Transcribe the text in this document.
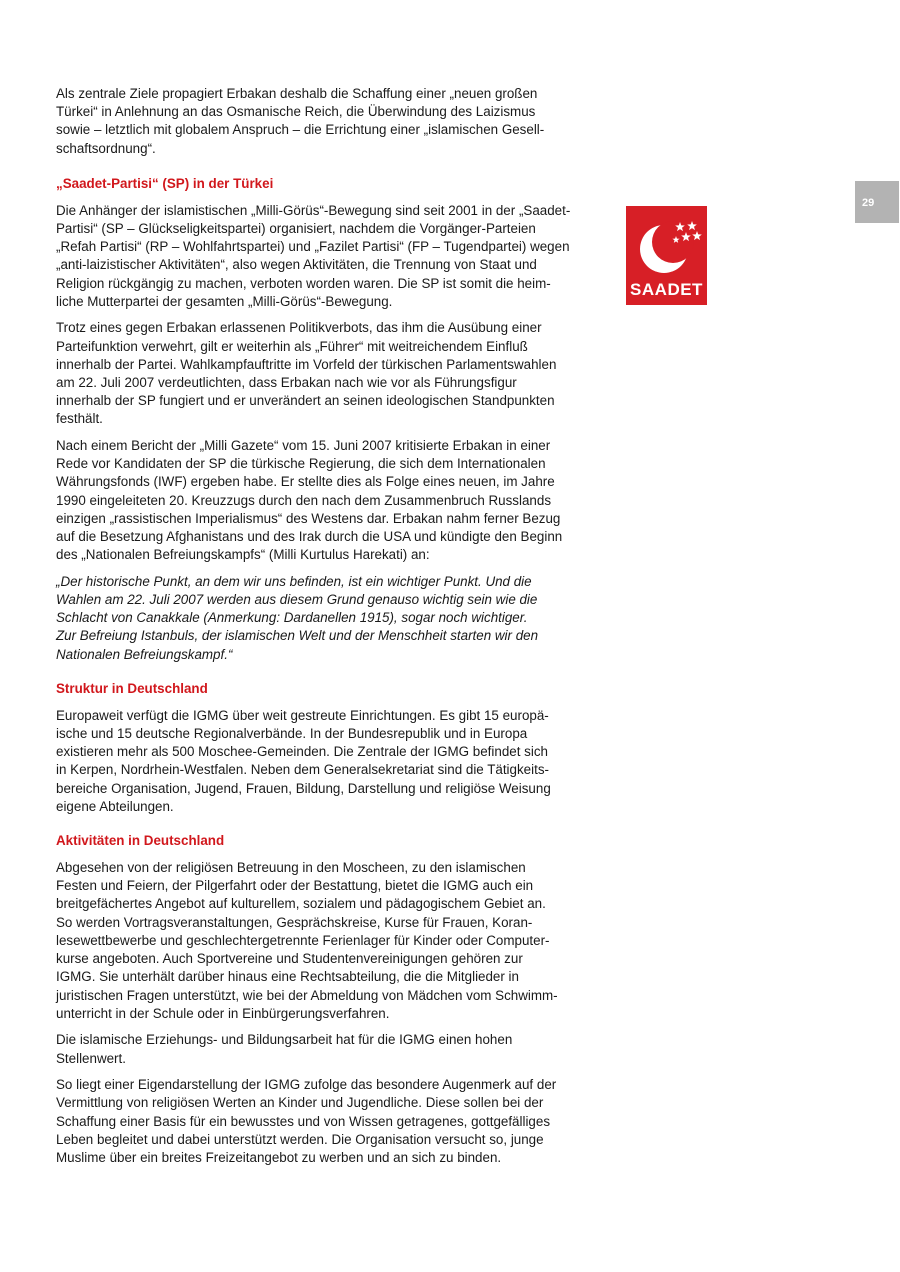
29
SAADET
Als zentrale Ziele propagiert Erbakan deshalb die Schaffung einer „neuen großen
Türkei“ in Anlehnung an das Osmanische Reich, die Überwindung des Laizismus
sowie – letztlich mit globalem Anspruch – die Errichtung einer „islamischen Gesell-
schaftsordnung“.
„Saadet-Partisi“ (SP) in der Türkei
Die Anhänger der islamistischen „Milli-Görüs“-Bewegung sind seit 2001 in der „Saadet-
Partisi“ (SP – Glückseligkeitspartei) organisiert, nachdem die Vorgänger-Parteien
„Refah Partisi“ (RP – Wohlfahrtspartei) und „Fazilet Partisi“ (FP – Tugendpartei) wegen
„anti-laizistischer Aktivitäten“, also wegen Aktivitäten, die Trennung von Staat und
Religion rückgängig zu machen, verboten worden waren. Die SP ist somit die heim-
liche Mutterpartei der gesamten „Milli-Görüs“-Bewegung.
Trotz eines gegen Erbakan erlassenen Politikverbots, das ihm die Ausübung einer
Parteifunktion verwehrt, gilt er weiterhin als „Führer“ mit weitreichendem Einfluß
innerhalb der Partei. Wahlkampfauftritte im Vorfeld der türkischen Parlamentswahlen
am 22. Juli 2007 verdeutlichten, dass Erbakan nach wie vor als Führungsfigur
innerhalb der SP fungiert und er unverändert an seinen ideologischen Standpunkten
festhält.
Nach einem Bericht der „Milli Gazete“ vom 15. Juni 2007 kritisierte Erbakan in einer
Rede vor Kandidaten der SP die türkische Regierung, die sich dem Internationalen
Währungsfonds (IWF) ergeben habe. Er stellte dies als Folge eines neuen, im Jahre
1990 eingeleiteten 20. Kreuzzugs durch den nach dem Zusammenbruch Russlands
einzigen „rassistischen Imperialismus“ des Westens dar. Erbakan nahm ferner Bezug
auf die Besetzung Afghanistans und des Irak durch die USA und kündigte den Beginn
des „Nationalen Befreiungskampfs“ (Milli Kurtulus Harekati) an:
„Der historische Punkt, an dem wir uns befinden, ist ein wichtiger Punkt. Und die
Wahlen am 22. Juli 2007 werden aus diesem Grund genauso wichtig sein wie die
Schlacht von Canakkale (Anmerkung: Dardanellen 1915), sogar noch wichtiger.
Zur Befreiung Istanbuls, der islamischen Welt und der Menschheit starten wir den
Nationalen Befreiungskampf.“
Struktur in Deutschland
Europaweit verfügt die IGMG über weit gestreute Einrichtungen. Es gibt 15 europä-
ische und 15 deutsche Regionalverbände. In der Bundesrepublik und in Europa
existieren mehr als 500 Moschee-Gemeinden. Die Zentrale der IGMG befindet sich
in Kerpen, Nordrhein-Westfalen. Neben dem Generalsekretariat sind die Tätigkeits-
bereiche Organisation, Jugend, Frauen, Bildung, Darstellung und religiöse Weisung
eigene Abteilungen.
Aktivitäten in Deutschland
Abgesehen von der religiösen Betreuung in den Moscheen, zu den islamischen
Festen und Feiern, der Pilgerfahrt oder der Bestattung, bietet die IGMG auch ein
breitgefächertes Angebot auf kulturellem, sozialem und pädagogischem Gebiet an.
So werden Vortragsveranstaltungen, Gesprächskreise, Kurse für Frauen, Koran-
lesewettbewerbe und geschlechtergetrennte Ferienlager für Kinder oder Computer-
kurse angeboten. Auch Sportvereine und Studentenvereinigungen gehören zur
IGMG. Sie unterhält darüber hinaus eine Rechtsabteilung, die die Mitglieder in
juristischen Fragen unterstützt, wie bei der Abmeldung von Mädchen vom Schwimm-
unterricht in der Schule oder in Einbürgerungsverfahren.
Die islamische Erziehungs- und Bildungsarbeit hat für die IGMG einen hohen
Stellenwert.
So liegt einer Eigendarstellung der IGMG zufolge das besondere Augenmerk auf der
Vermittlung von religiösen Werten an Kinder und Jugendliche. Diese sollen bei der
Schaffung einer Basis für ein bewusstes und von Wissen getragenes, gottgefälliges
Leben begleitet und dabei unterstützt werden. Die Organisation versucht so, junge
Muslime über ein breites Freizeitangebot zu werben und an sich zu binden.
